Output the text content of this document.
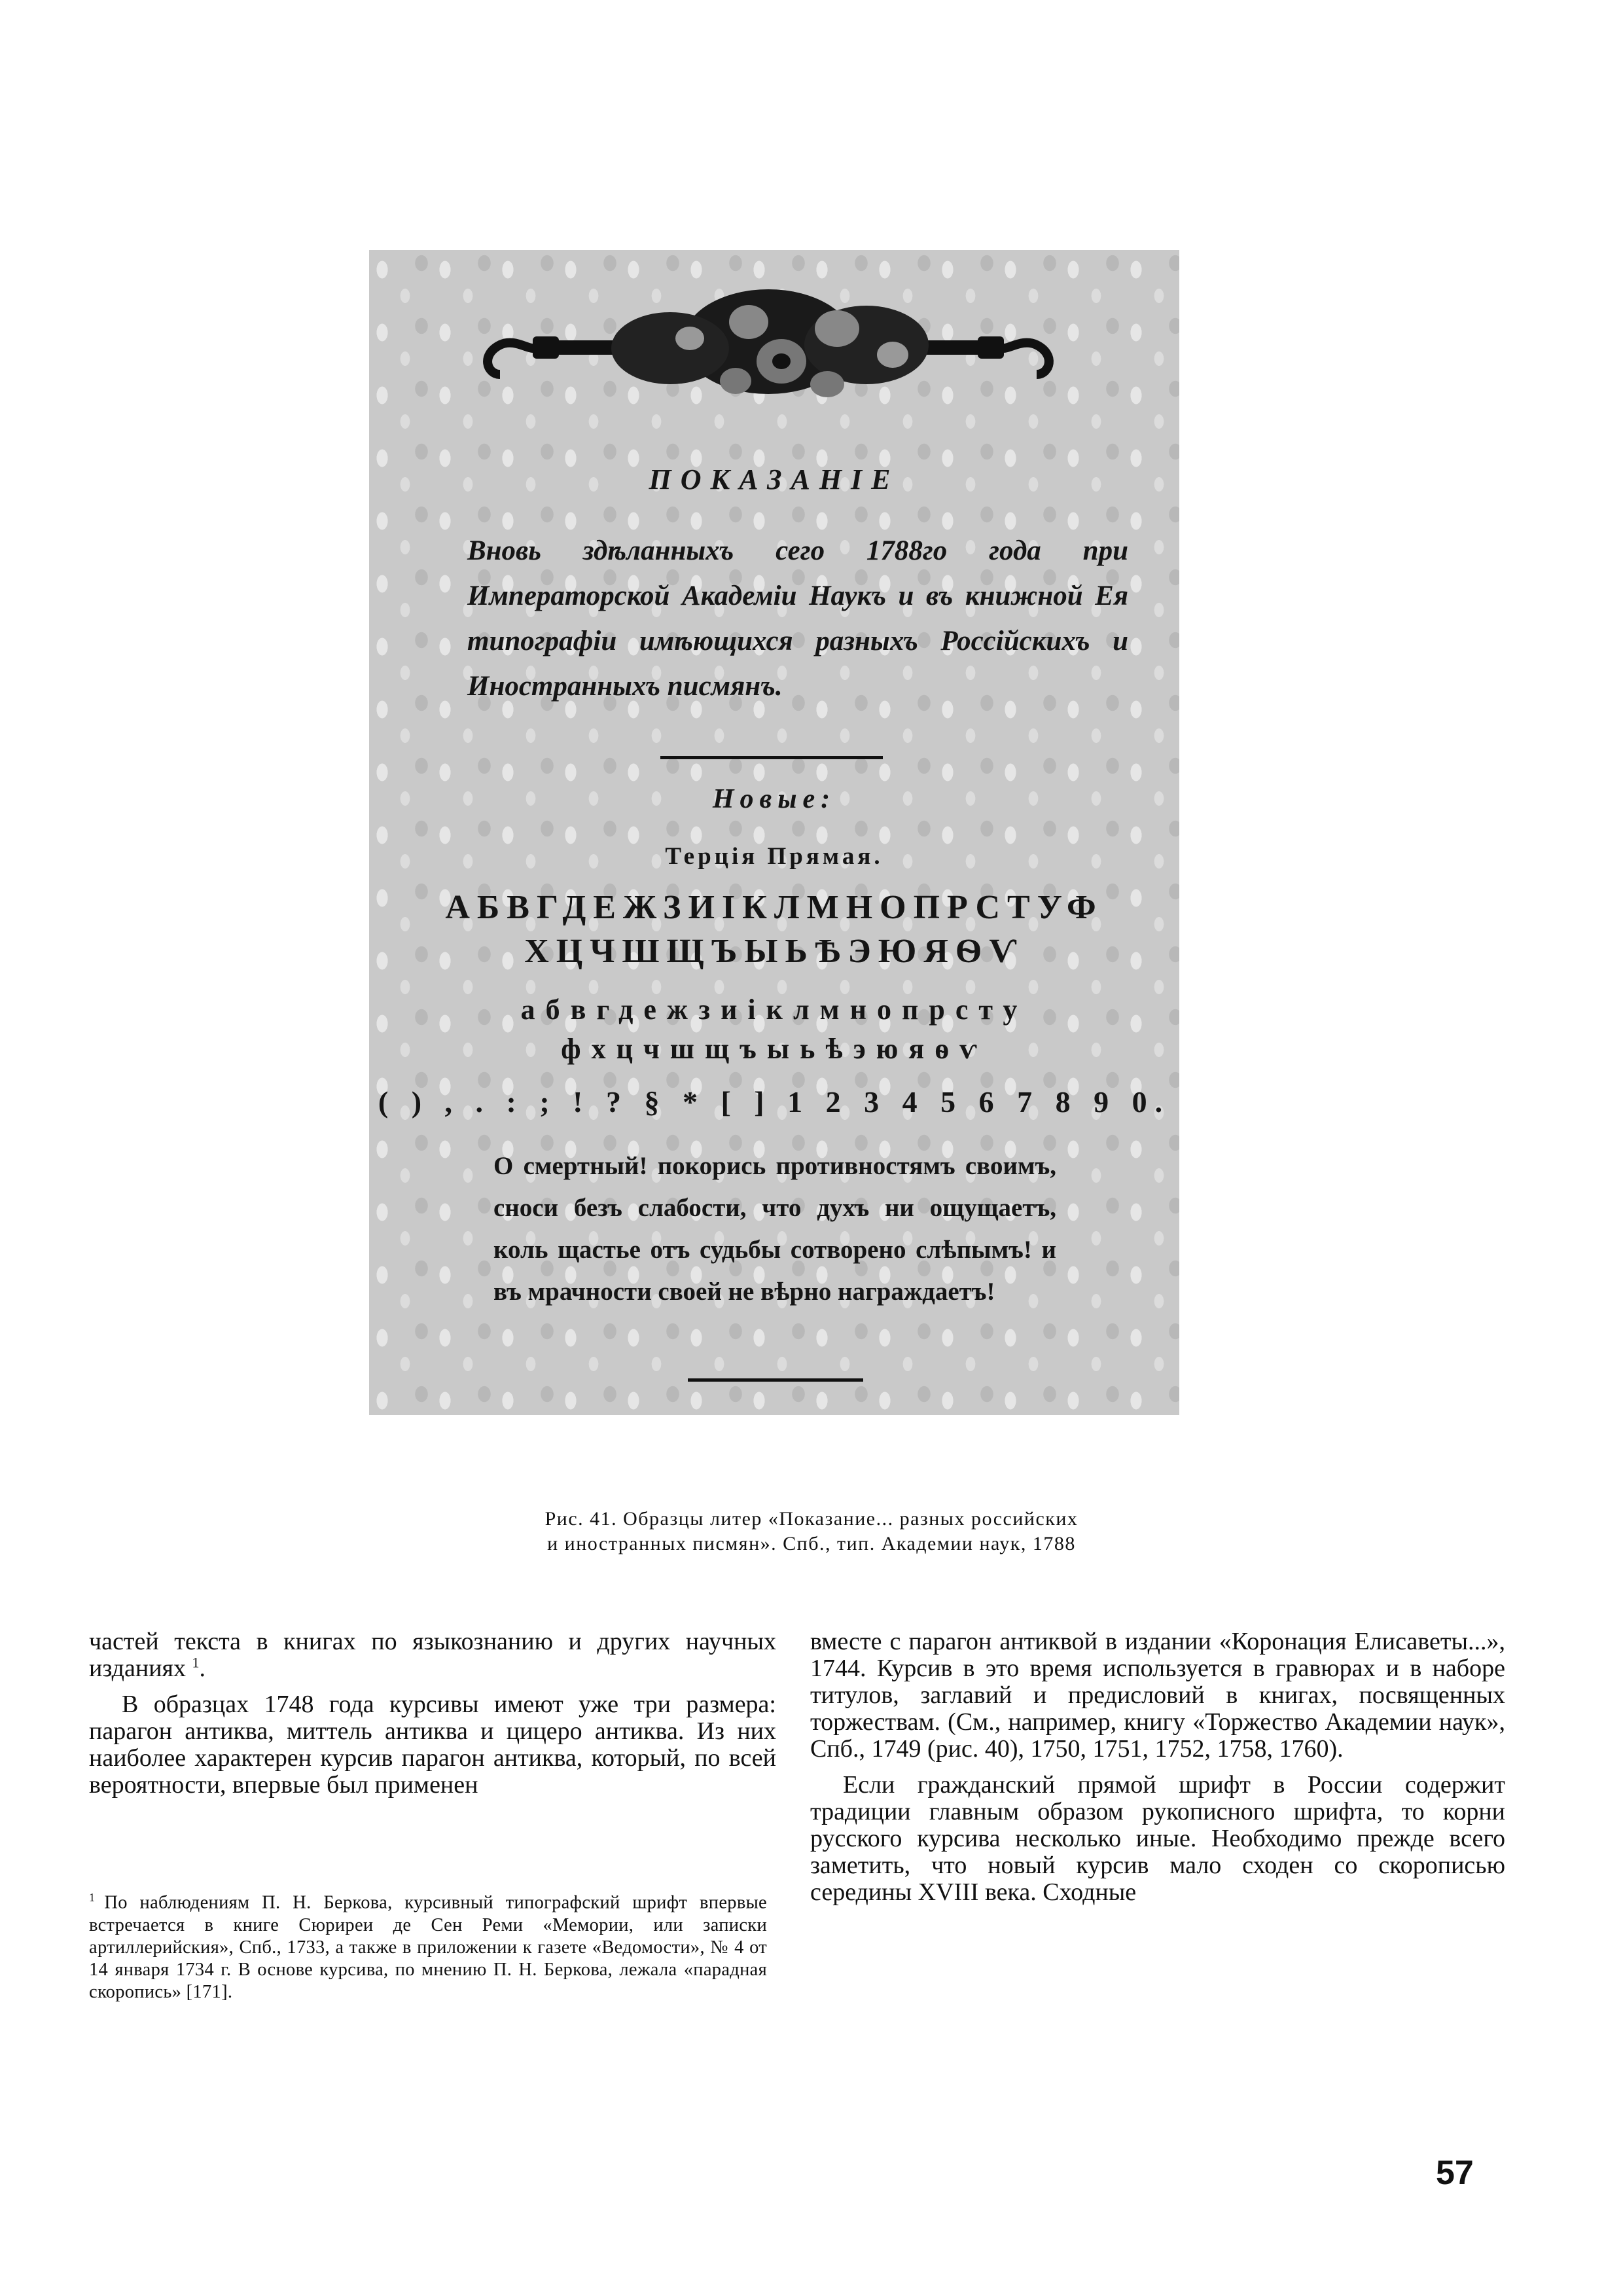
ПОКАЗАНІЕ
Вновь здѣланныхъ сего 1788го года при Императорской Академіи Наукъ и въ книжной Ея типографіи имѣющихся разныхъ Россійскихъ и Иностранныхъ писмянъ.
Новые:
Терція Прямая.
АБВГДЕЖЗИІКЛМНОПРСТУФ
ХЦЧШЩЪЫЬѢЭЮЯѲѴ
абвгдежзиіклмнопрсту
фхцчшщъыьѣэюяѳѵ
( ) , . : ; ! ? § * [ ] 1 2 3 4 5 6 7 8 9 0.
О смертный! покорись противностямъ своимъ, сноси безъ слабости, что духъ ни ощущаетъ, коль щастье отъ судьбы сотворено слѣпымъ! и въ мрачности своей не вѣрно награждаетъ!
Рис. 41. Образцы литер «Показание... разных российских
и иностранных писмян». Спб., тип. Академии наук, 1788

частей текста в книгах по языкознанию и других научных изданиях $^1$.

В образцах 1748 года курсивы имеют уже три размера: парагон антиква, миттель антиква и цицеро антиква. Из них наиболее характерен курсив парагон антиква, который, по всей вероятности, впервые был применен

$^1$ По наблюдениям П. Н. Беркова, курсивный типографский шрифт впервые встречается в книге Сюриреи де Сен Реми «Мемории, или записки артиллерийския», Спб., 1733, а также в приложении к газете «Ведомости», № 4 от 14 января 1734 г. В основе курсива, по мнению П. Н. Беркова, лежала «парадная скоропись» [171].

вместе с парагон антиквой в издании «Коронация Елисаветы...», 1744. Курсив в это время используется в гравюрах и в наборе титулов, заглавий и предисловий в книгах, посвященных торжествам. (См., например, книгу «Торжество Академии наук», Спб., 1749 (рис. 40), 1750, 1751, 1752, 1758, 1760).

Если гражданский прямой шрифт в России содержит традиции главным образом рукописного шрифта, то корни русского курсива несколько иные. Необходимо прежде всего заметить, что новый курсив мало сходен со скорописью середины XVIII века. Сходные

57
